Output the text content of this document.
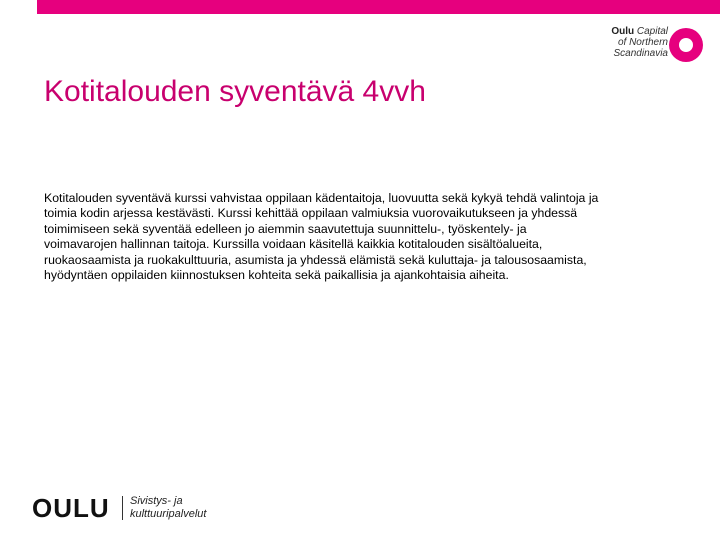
Oulu Capital
of Northern
Scandinavia
Kotitalouden syventävä 4vvh
Kotitalouden syventävä kurssi vahvistaa oppilaan kädentaitoja, luovuutta sekä kykyä tehdä valintoja ja
toimia kodin arjessa kestävästi. Kurssi kehittää oppilaan valmiuksia vuorovaikutukseen ja yhdessä
toimimiseen sekä syventää edelleen jo aiemmin saavutettuja suunnittelu-, työskentely- ja
voimavarojen hallinnan taitoja. Kurssilla voidaan käsitellä kaikkia kotitalouden sisältöalueita,
ruokaosaamista ja ruokakulttuuria, asumista ja yhdessä elämistä sekä kuluttaja- ja talousosaamista,
hyödyntäen oppilaiden kiinnostuksen kohteita sekä paikallisia ja ajankohtaisia aiheita.
OULU Sivistys- ja
kulttuuripalvelut
